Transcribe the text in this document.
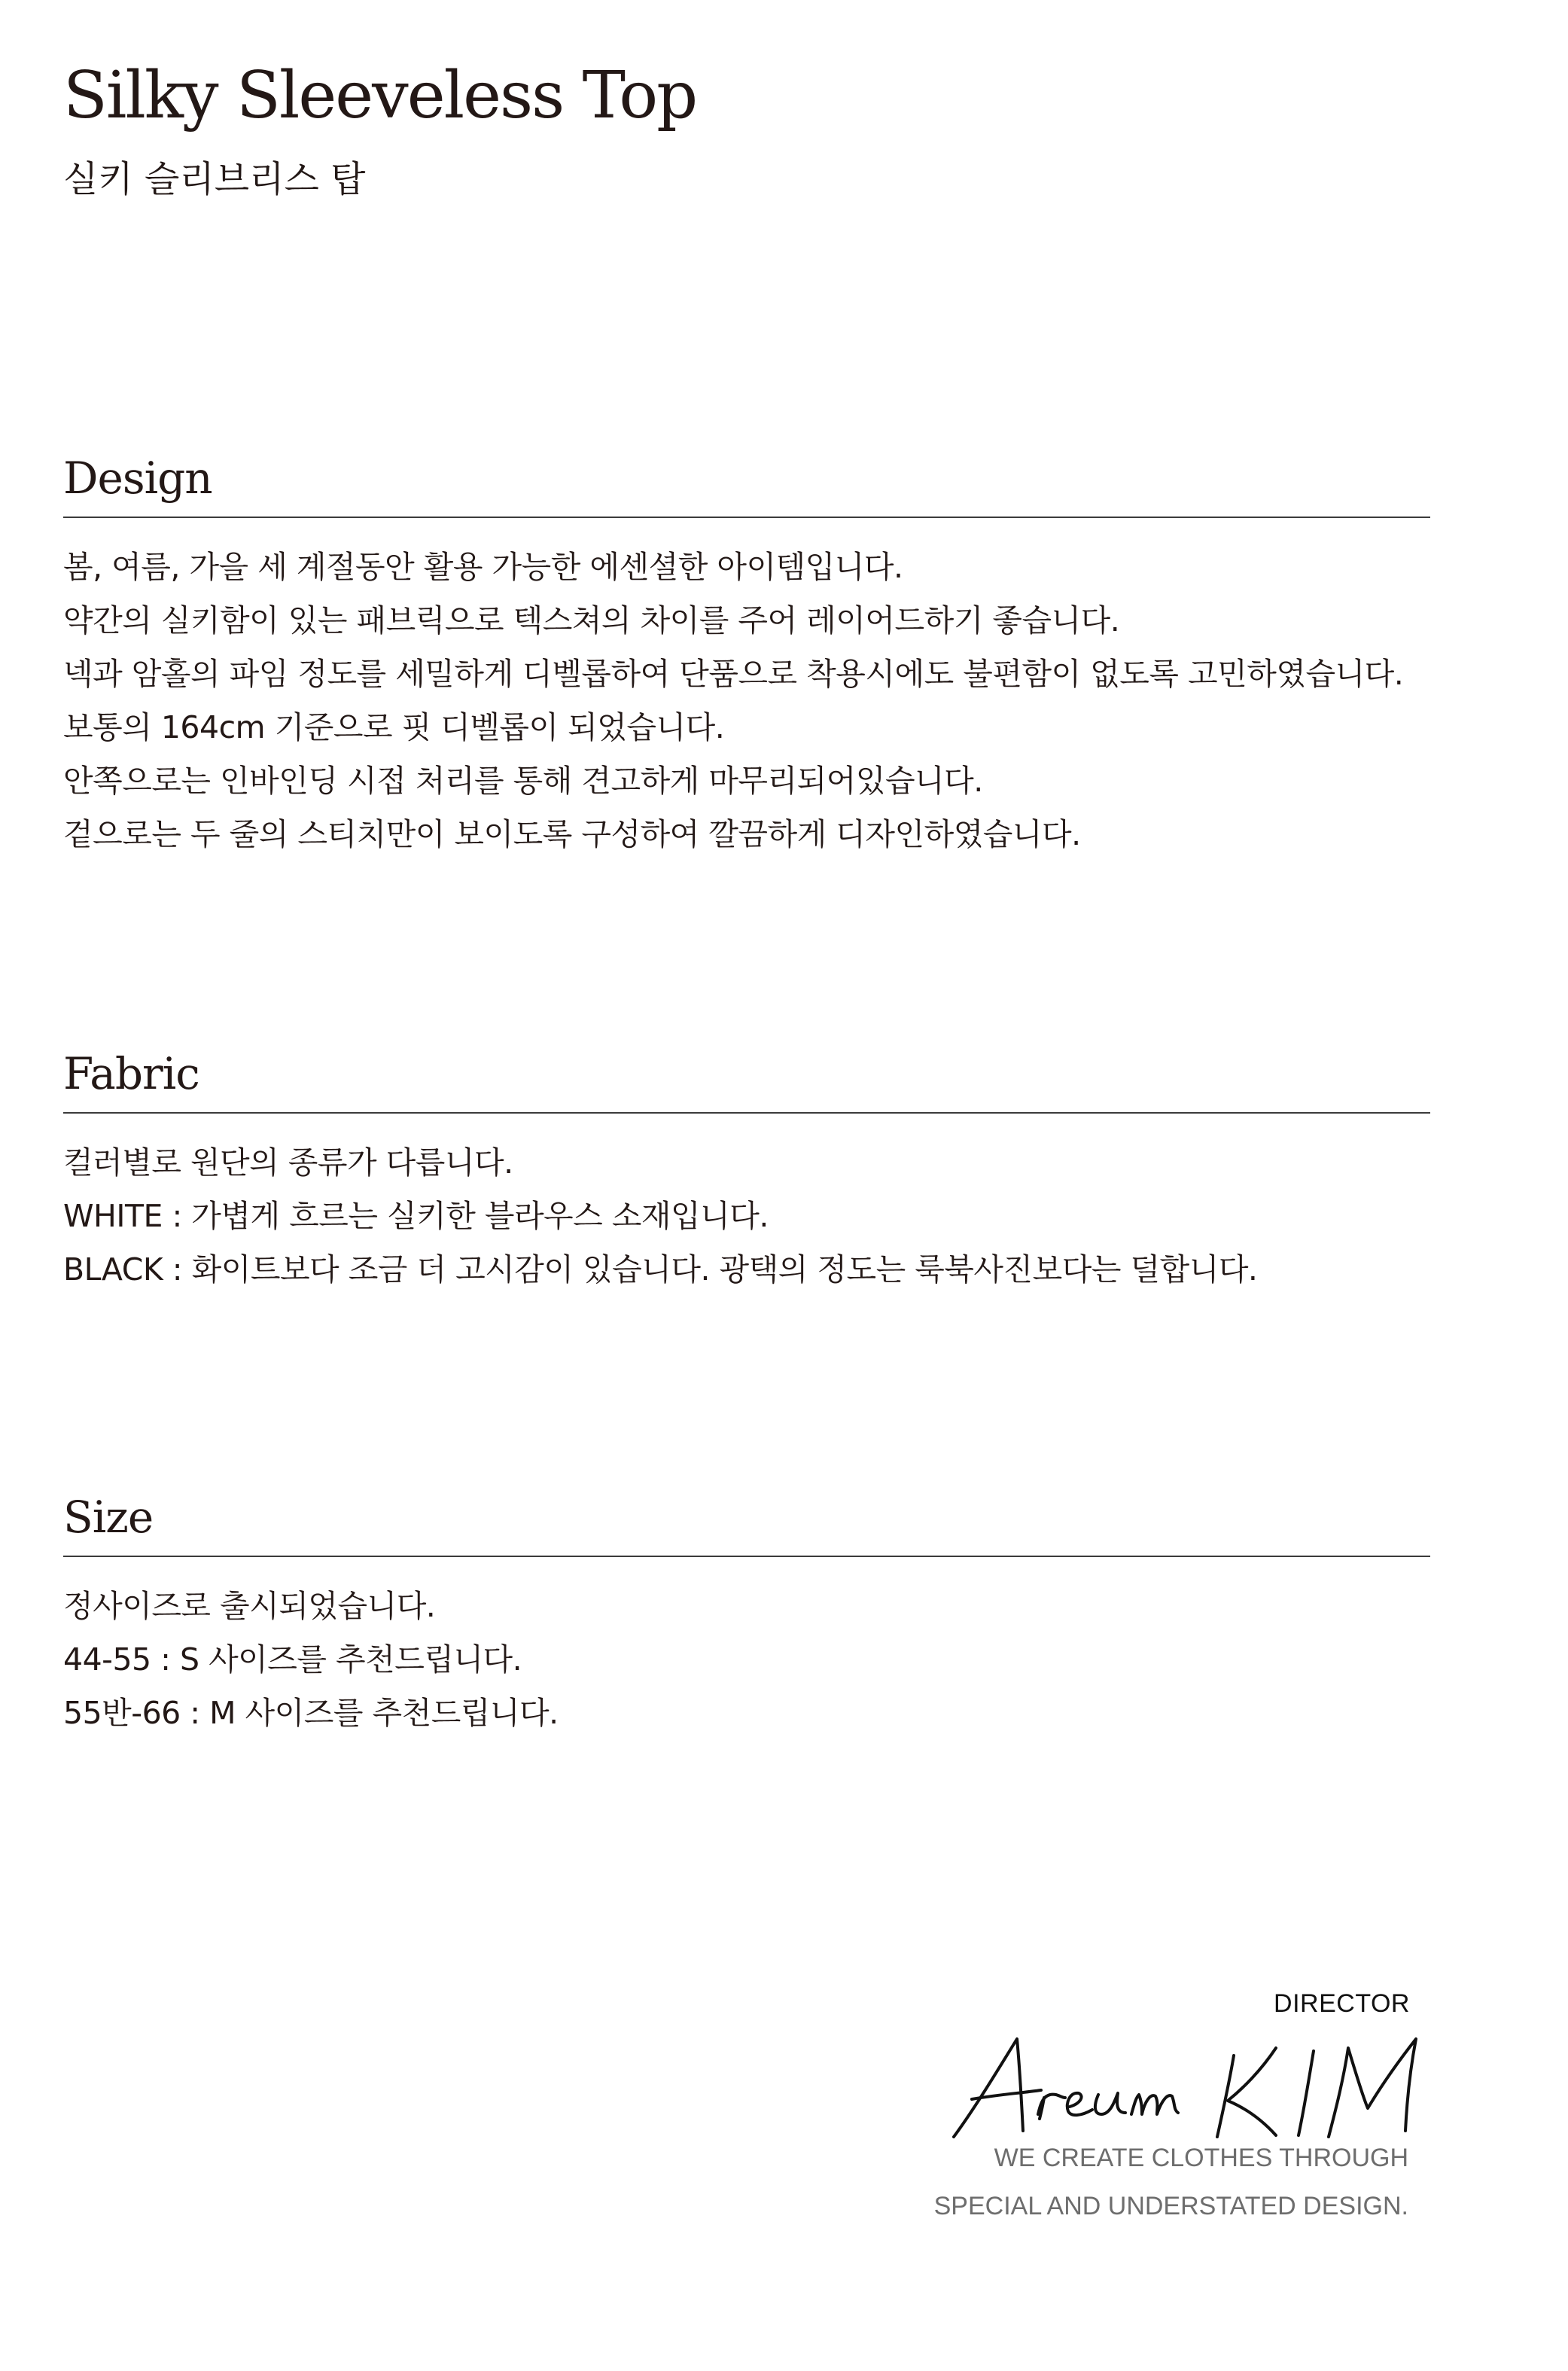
Silky Sleeveless Top
실키 슬리브리스 탑
Design
봄, 여름, 가을 세 계절동안 활용 가능한 에센셜한 아이템입니다.
약간의 실키함이 있는 패브릭으로 텍스쳐의 차이를 주어 레이어드하기 좋습니다.
넥과 암홀의 파임 정도를 세밀하게 디벨롭하여 단품으로 착용시에도 불편함이 없도록 고민하였습니다.
보통의 164cm 기준으로 핏 디벨롭이 되었습니다.
안쪽으로는 인바인딩 시접 처리를 통해 견고하게 마무리되어있습니다.
겉으로는 두 줄의 스티치만이 보이도록 구성하여 깔끔하게 디자인하였습니다.
Fabric
컬러별로 원단의 종류가 다릅니다.
WHITE : 가볍게 흐르는 실키한 블라우스 소재입니다.
BLACK : 화이트보다 조금 더 고시감이 있습니다. 광택의 정도는 룩북사진보다는 덜합니다.
Size
정사이즈로 출시되었습니다.
44-55 : S 사이즈를 추천드립니다.
55반-66 : M 사이즈를 추천드립니다.
DIRECTOR
WE CREATE CLOTHES THROUGH
SPECIAL AND UNDERSTATED DESIGN.
